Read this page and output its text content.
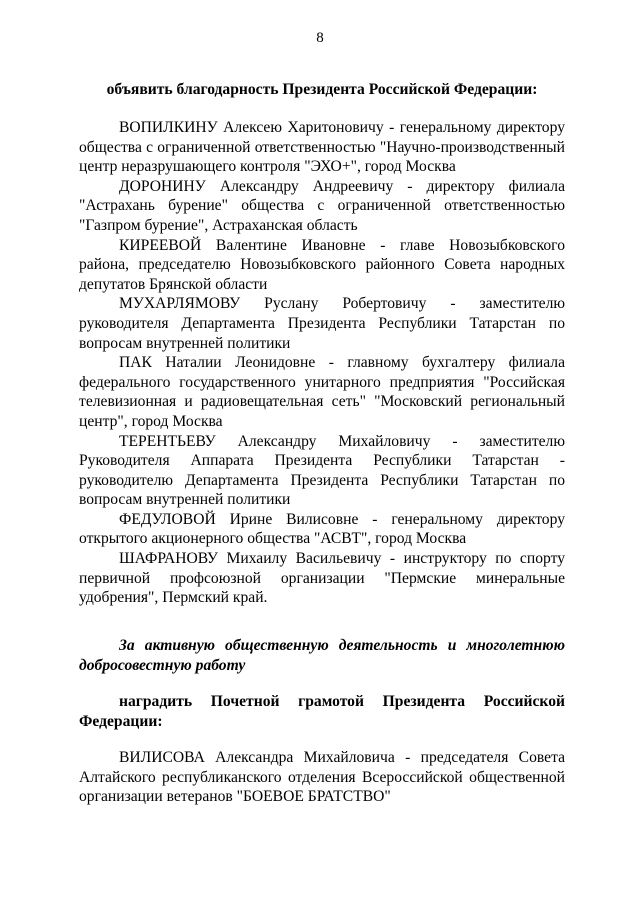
8
объявить благодарность Президента Российской Федерации:

ВОПИЛКИНУ Алексею Харитоновичу - генеральному директору общества с ограниченной ответственностью "Научно-производственный центр неразрушающего контроля "ЭХО+", город Москва

ДОРОНИНУ Александру Андреевичу - директору филиала "Астрахань бурение" общества с ограниченной ответственностью "Газпром бурение", Астраханская область

КИРЕЕВОЙ Валентине Ивановне - главе Новозыбковского района, председателю Новозыбковского районного Совета народных депутатов Брянской области

МУХАРЛЯМОВУ Руслану Робертовичу - заместителю руководителя Департамента Президента Республики Татарстан по вопросам внутренней политики

ПАК Наталии Леонидовне - главному бухгалтеру филиала федерального государственного унитарного предприятия "Российская телевизионная и радиовещательная сеть" "Московский региональный центр", город Москва

ТЕРЕНТЬЕВУ Александру Михайловичу - заместителю Руководителя Аппарата Президента Республики Татарстан - руководителю Департамента Президента Республики Татарстан по вопросам внутренней политики

ФЕДУЛОВОЙ Ирине Вилисовне - генеральному директору открытого акционерного общества "АСВТ", город Москва

ШАФРАНОВУ Михаилу Васильевичу - инструктору по спорту первичной профсоюзной организации "Пермские минеральные удобрения", Пермский край.

За активную общественную деятельность и многолетнюю добросовестную работу
наградить Почетной грамотой Президента Российской Федерации:

ВИЛИСОВА Александра Михайловича - председателя Совета Алтайского республиканского отделения Всероссийской общественной организации ветеранов "БОЕВОЕ БРАТСТВО"
